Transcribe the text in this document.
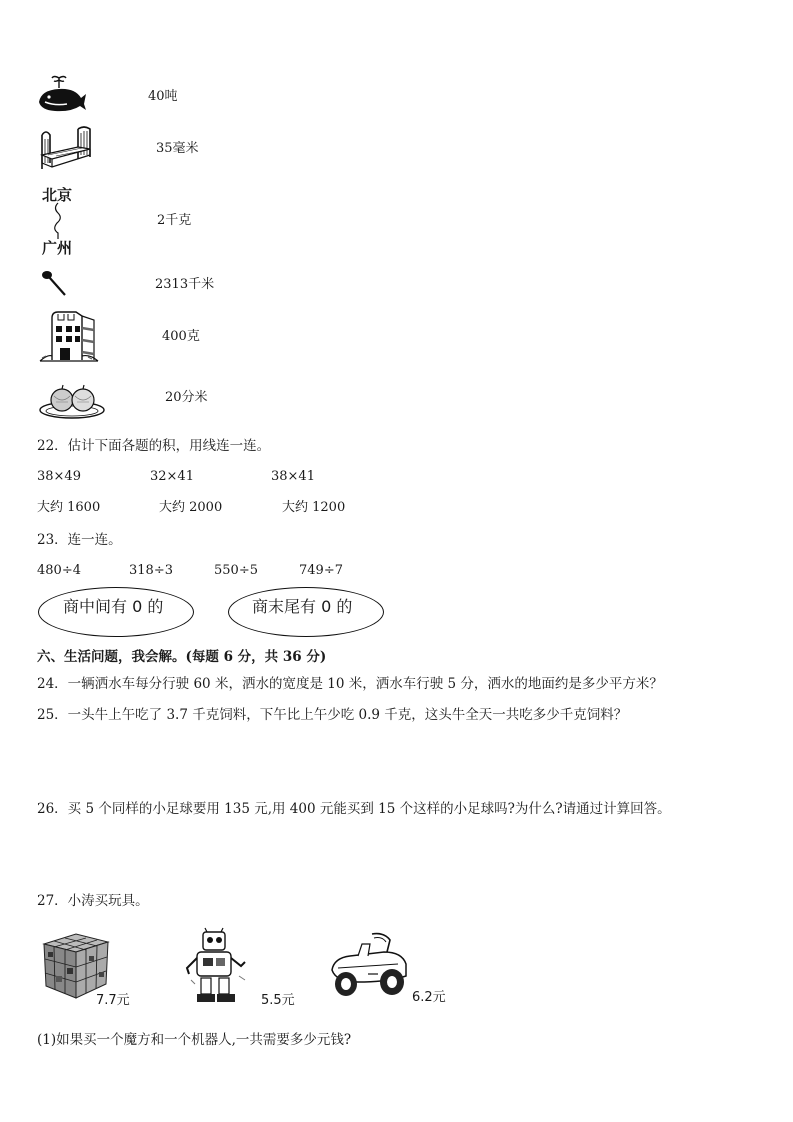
40吨
35毫米
北京
广州
2千克
2313千米
400克
20分米
22．估计下面各题的积，用线连一连。
38×49	32×41	38×41
大约 1600	大约 2000	大约 1200
23．连一连。
480÷4	318÷3	550÷5	749÷7
商中间有 0 的	商末尾有 0 的
六、生活问题，我会解。(每题 6 分，共 36 分)
24．一辆洒水车每分行驶 60 米，洒水的宽度是 10 米，洒水车行驶 5 分，洒水的地面约是多少平方米？
25．一头牛上午吃了 3.7 千克饲料，下午比上午少吃 0.9 千克，这头牛全天一共吃多少千克饲料？
26．买 5 个同样的小足球要用 135 元,用 400 元能买到 15 个这样的小足球吗?为什么?请通过计算回答。
27．小涛买玩具。
7.7元	5.5元	6.2元
(1)如果买一个魔方和一个机器人,一共需要多少元钱?
